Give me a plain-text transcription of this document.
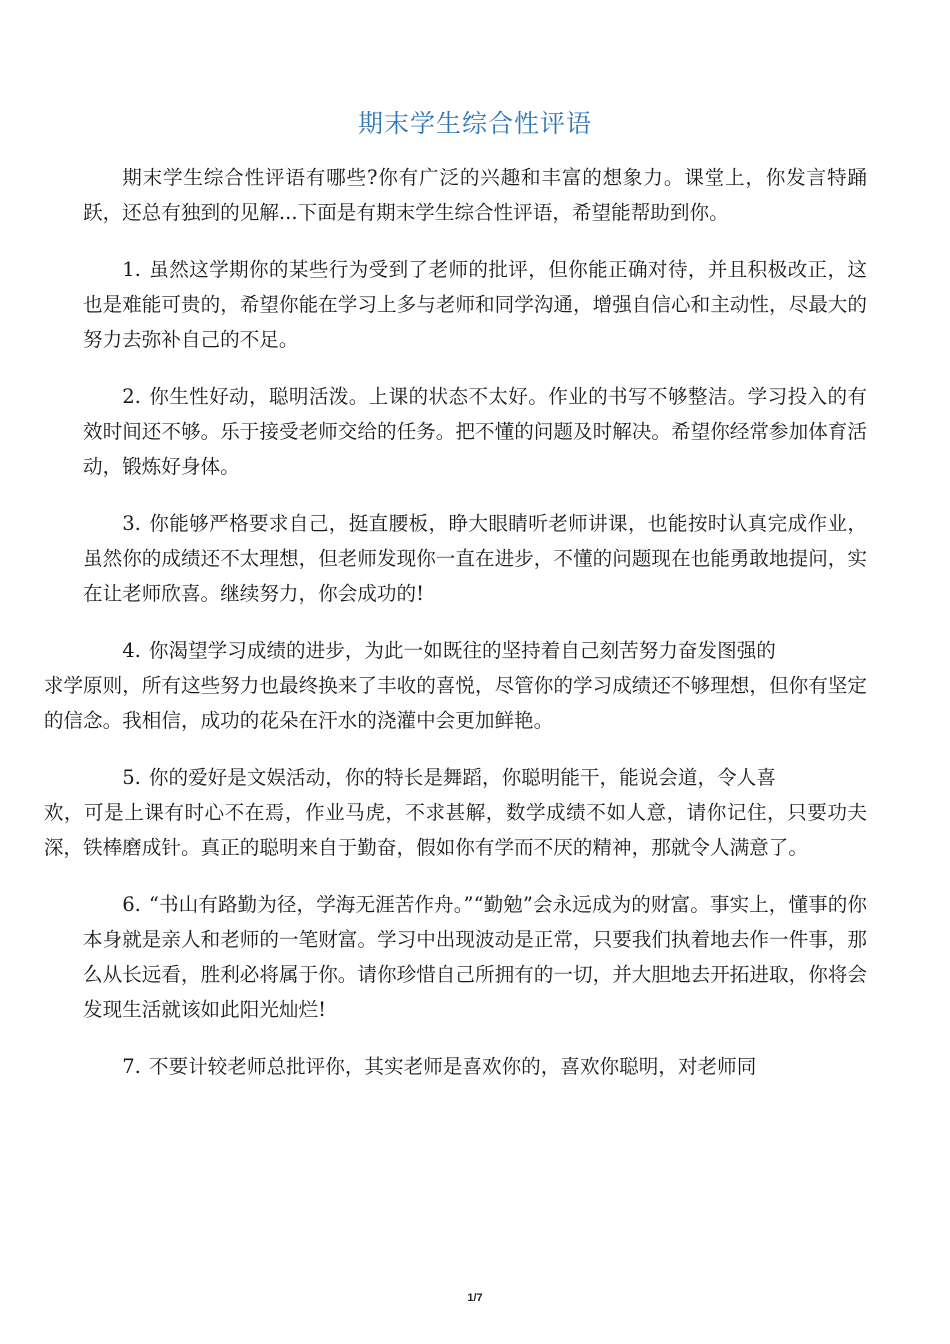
期末学生综合性评语

期末学生综合性评语有哪些?你有广泛的兴趣和丰富的想象力。课堂上，你发言特踊跃，还总有独到的见解...下面是有期末学生综合性评语，希望能帮助到你。

1. 虽然这学期你的某些行为受到了老师的批评，但你能正确对待，并且积极改正，这也是难能可贵的，希望你能在学习上多与老师和同学沟通，增强自信心和主动性，尽最大的努力去弥补自己的不足。

2. 你生性好动，聪明活泼。上课的状态不太好。作业的书写不够整洁。学习投入的有效时间还不够。乐于接受老师交给的任务。把不懂的问题及时解决。希望你经常参加体育活动，锻炼好身体。

3. 你能够严格要求自己，挺直腰板，睁大眼睛听老师讲课，也能按时认真完成作业，虽然你的成绩还不太理想，但老师发现你一直在进步，不懂的问题现在也能勇敢地提问，实在让老师欣喜。继续努力，你会成功的!

4. 你渴望学习成绩的进步，为此一如既往的坚持着自己刻苦努力奋发图强的
求学原则，所有这些努力也最终换来了丰收的喜悦，尽管你的学习成绩还不够理想，但你有坚定的信念。我相信，成功的花朵在汗水的浇灌中会更加鲜艳。

5. 你的爱好是文娱活动，你的特长是舞蹈，你聪明能干，能说会道，令人喜
欢，可是上课有时心不在焉，作业马虎，不求甚解，数学成绩不如人意，请你记住，只要功夫深，铁棒磨成针。真正的聪明来自于勤奋，假如你有学而不厌的精神，那就令人满意了。

6. “书山有路勤为径，学海无涯苦作舟。”“勤勉”会永远成为的财富。事实上，懂事的你本身就是亲人和老师的一笔财富。学习中出现波动是正常，只要我们执着地去作一件事，那么从长远看，胜利必将属于你。请你珍惜自己所拥有的一切，并大胆地去开拓进取，你将会发现生活就该如此阳光灿烂!

7. 不要计较老师总批评你，其实老师是喜欢你的，喜欢你聪明，对老师同

1/7
